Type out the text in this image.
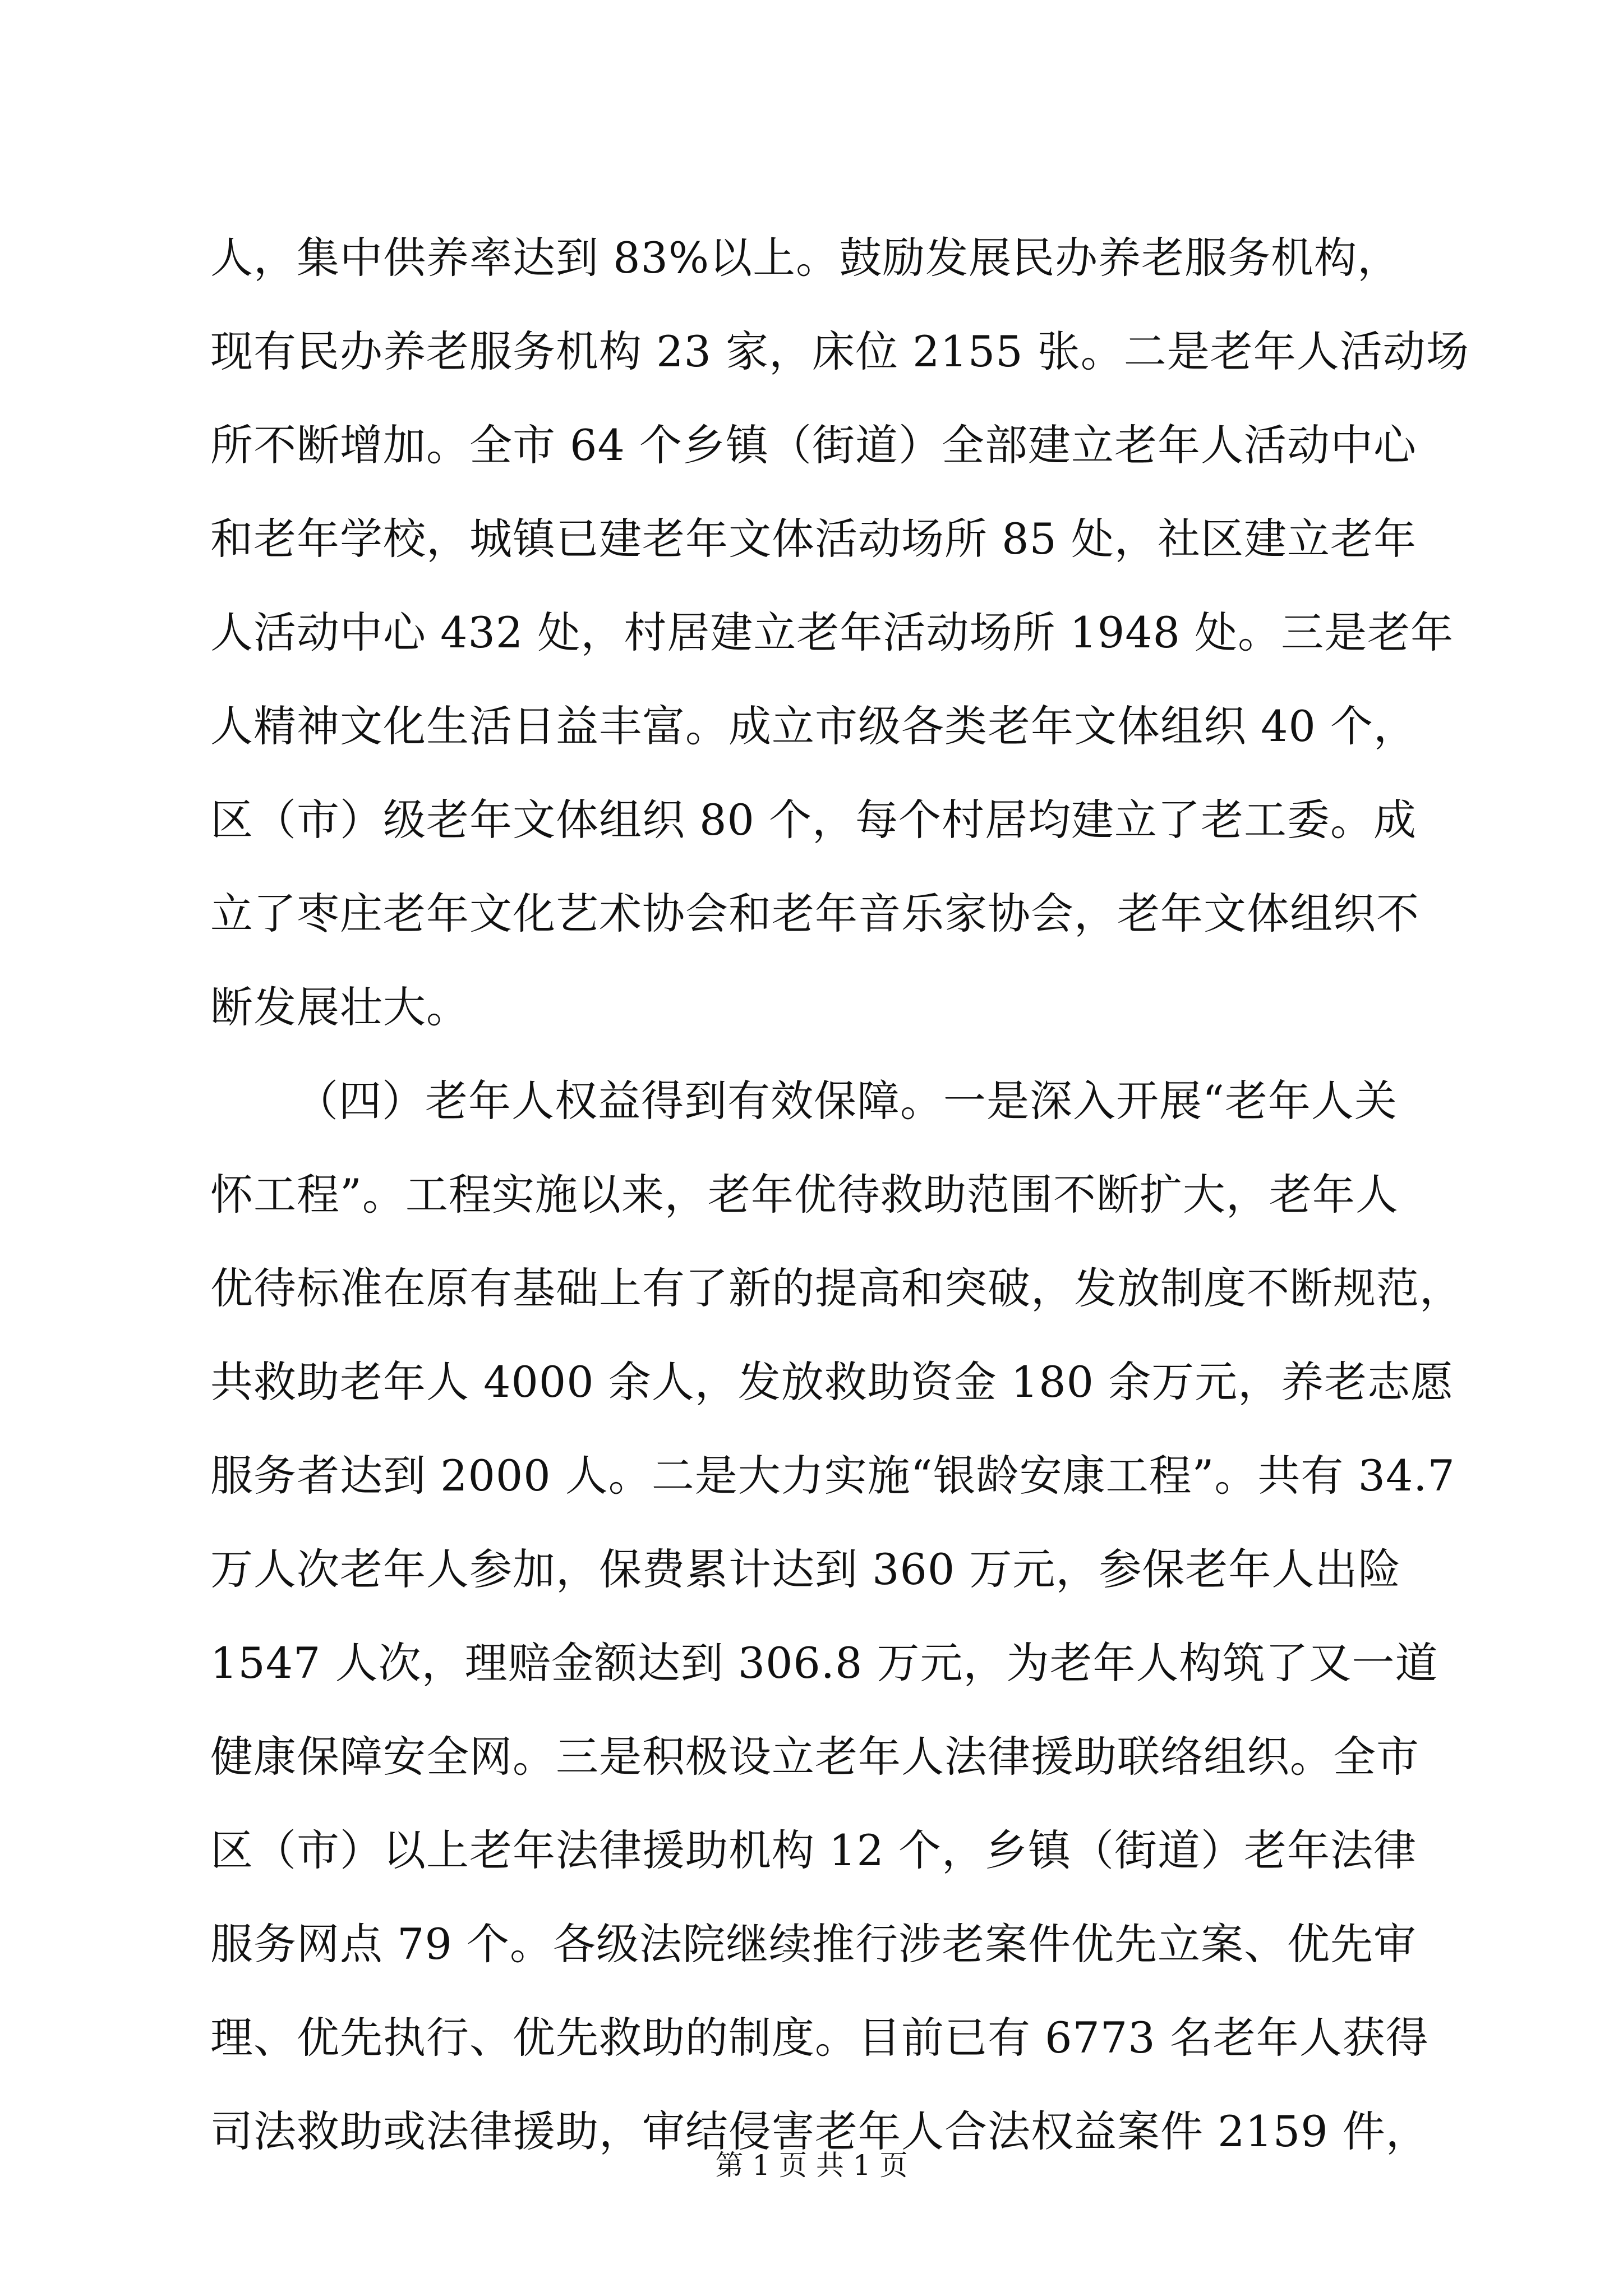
人，集中供养率达到 83%以上。鼓励发展民办养老服务机构，
现有民办养老服务机构 23 家，床位 2155 张。二是老年人活动场
所不断增加。全市 64 个乡镇（街道）全部建立老年人活动中心
和老年学校，城镇已建老年文体活动场所 85 处，社区建立老年
人活动中心 432 处，村居建立老年活动场所 1948 处。三是老年
人精神文化生活日益丰富。成立市级各类老年文体组织 40 个，
区（市）级老年文体组织 80 个，每个村居均建立了老工委。成
立了枣庄老年文化艺术协会和老年音乐家协会，老年文体组织不
断发展壮大。
（四）老年人权益得到有效保障。一是深入开展“老年人关
怀工程”。工程实施以来，老年优待救助范围不断扩大，老年人
优待标准在原有基础上有了新的提高和突破，发放制度不断规范，
共救助老年人 4000 余人，发放救助资金 180 余万元，养老志愿
服务者达到 2000 人。二是大力实施“银龄安康工程”。共有 34.7
万人次老年人参加，保费累计达到 360 万元，参保老年人出险
1547 人次，理赔金额达到 306.8 万元，为老年人构筑了又一道
健康保障安全网。三是积极设立老年人法律援助联络组织。全市
区（市）以上老年法律援助机构 12 个，乡镇（街道）老年法律
服务网点 79 个。各级法院继续推行涉老案件优先立案、优先审
理、优先执行、优先救助的制度。目前已有 6773 名老年人获得
司法救助或法律援助，审结侵害老年人合法权益案件 2159 件，
第 1 页 共 1 页
